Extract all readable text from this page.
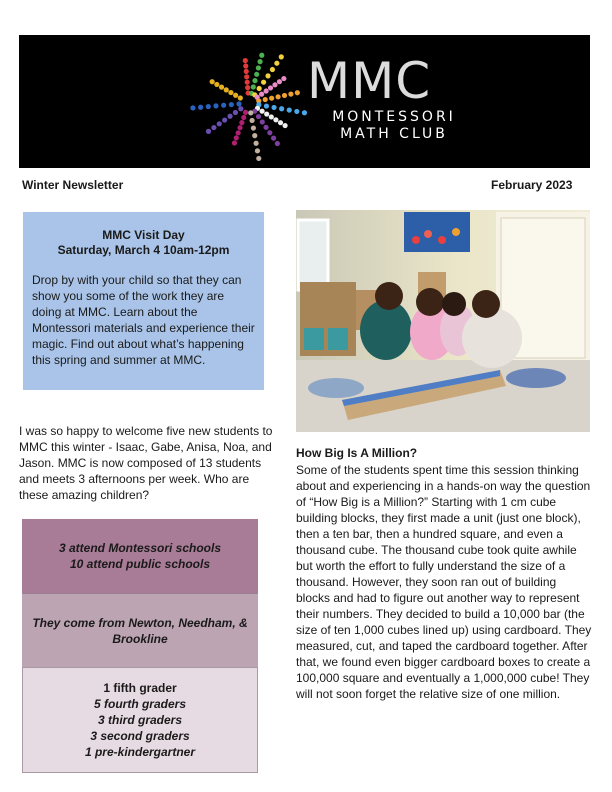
MMC
MONTESSORI
MATH CLUB
Winter Newsletter	February 2023
MMC Visit Day
Saturday, March 4 10am-12pm

Drop by with your child so that they can show you some of the work they are doing at MMC. Learn about the Montessori materials and experience their magic. Find out about what’s happening this spring and summer at MMC.

I was so happy to welcome five new students to MMC this winter - Isaac, Gabe, Anisa, Noa, and Jason. MMC is now composed of 13 students and meets 3 afternoons per week. Who are these amazing children?

3 attend Montessori schools
10 attend public schools
They come from Newton, Needham, & Brookline
1 fifth grader
5 fourth graders
3 third graders
3 second graders
1 pre-kindergartner
How Big Is A Million?

Some of the students spent time this session thinking about and experiencing in a hands-on way the question of “How Big is a Million?” Starting with 1 cm cube building blocks, they first made a unit (just one block), then a ten bar, then a hundred square, and even a thousand cube. The thousand cube took quite awhile but worth the effort to fully understand the size of a thousand. However, they soon ran out of building blocks and had to figure out another way to represent their numbers. They decided to build a 10,000 bar (the size of ten 1,000 cubes lined up) using cardboard. They measured, cut, and taped the cardboard together. After that, we found even bigger cardboard boxes to create a 100,000 square and eventually a 1,000,000 cube! They will not soon forget the relative size of one million.
